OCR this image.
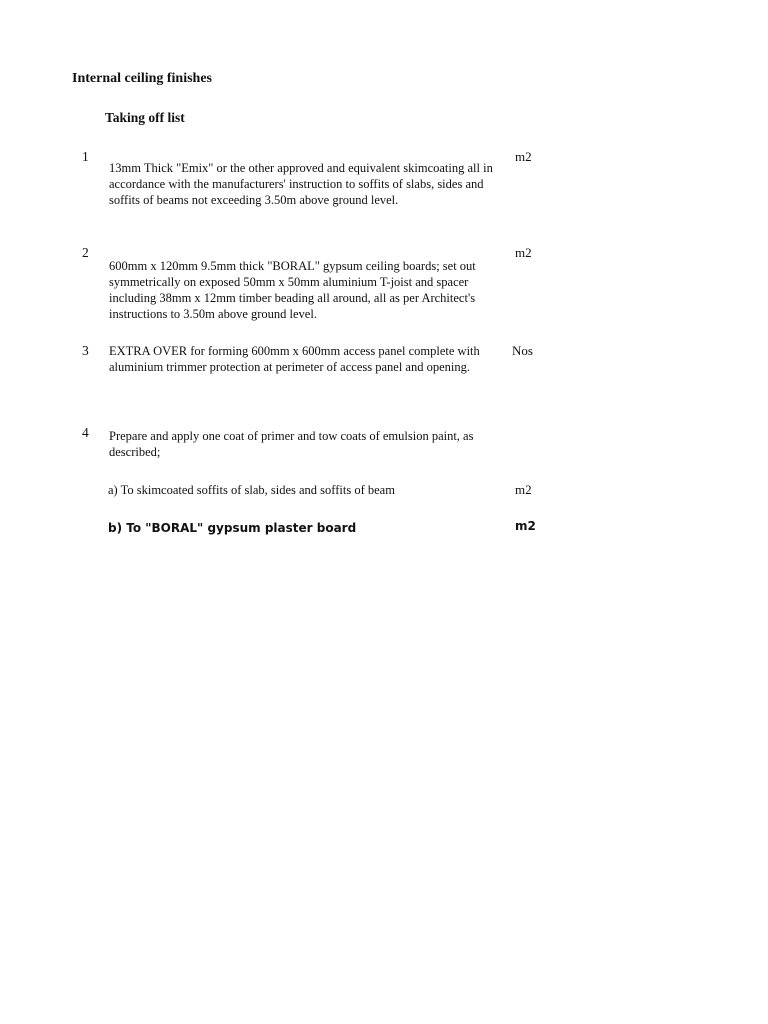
Internal ceiling finishes
Taking off list
1
13mm Thick "Emix" or the other approved and equivalent skimcoating all in accordance with the manufacturers' instruction to soffits of slabs, sides and soffits of beams not exceeding 3.50m above ground level.
m2
2
600mm x 120mm 9.5mm thick "BORAL" gypsum ceiling boards; set out symmetrically on exposed 50mm x 50mm aluminium T-joist and spacer including 38mm x 12mm timber beading all around, all as per Architect's instructions to 3.50m above ground level.
m2
3 EXTRA OVER for forming 600mm x 600mm access panel complete with aluminium trimmer protection at perimeter of access panel and opening.
Nos
4 Prepare and apply one coat of primer and tow coats of emulsion paint, as described;
a) To skimcoated soffits of slab, sides and soffits of beam	m2
b) To "BORAL" gypsum plaster board	m2
